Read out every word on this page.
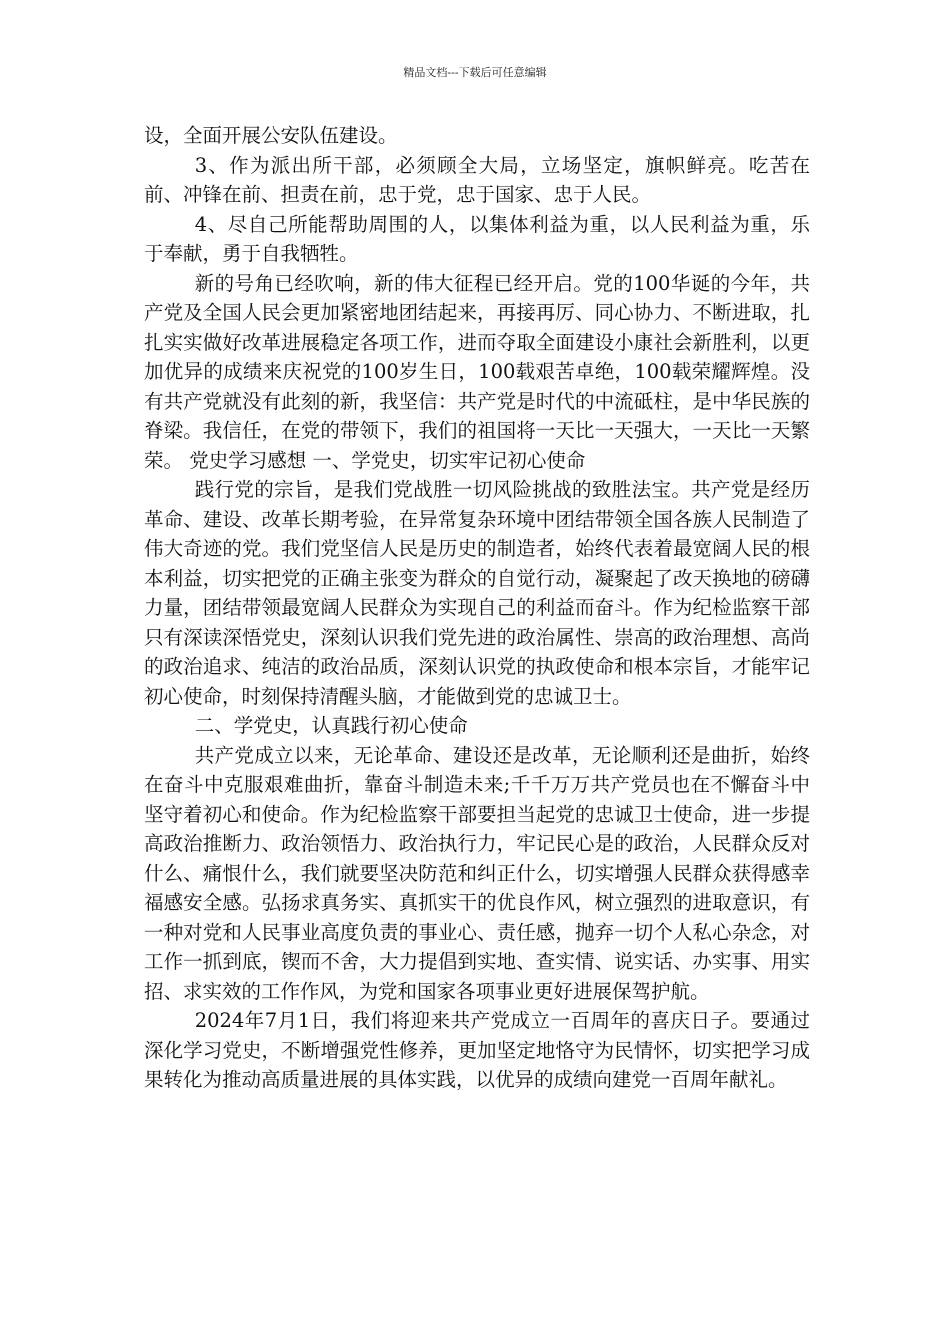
精品文档---下载后可任意编辑

设，全面开展公安队伍建设。

3、作为派出所干部，必须顾全大局，立场坚定，旗帜鲜亮。吃苦在前、冲锋在前、担责在前，忠于党，忠于国家、忠于人民。

4、尽自己所能帮助周围的人，以集体利益为重，以人民利益为重，乐于奉献，勇于自我牺牲。

新的号角已经吹响，新的伟大征程已经开启。党的100华诞的今年，共产党及全国人民会更加紧密地团结起来，再接再厉、同心协力、不断进取，扎扎实实做好改革进展稳定各项工作，进而夺取全面建设小康社会新胜利，以更加优异的成绩来庆祝党的100岁生日，100载艰苦卓绝，100载荣耀辉煌。没有共产党就没有此刻的新，我坚信：共产党是时代的中流砥柱，是中华民族的脊梁。我信任，在党的带领下，我们的祖国将一天比一天强大，一天比一天繁荣。 党史学习感想 一、学党史，切实牢记初心使命

践行党的宗旨，是我们党战胜一切风险挑战的致胜法宝。共产党是经历革命、建设、改革长期考验，在异常复杂环境中团结带领全国各族人民制造了伟大奇迹的党。我们党坚信人民是历史的制造者，始终代表着最宽阔人民的根本利益，切实把党的正确主张变为群众的自觉行动，凝聚起了改天换地的磅礴力量，团结带领最宽阔人民群众为实现自己的利益而奋斗。作为纪检监察干部只有深读深悟党史，深刻认识我们党先进的政治属性、崇高的政治理想、高尚的政治追求、纯洁的政治品质，深刻认识党的执政使命和根本宗旨，才能牢记初心使命，时刻保持清醒头脑，才能做到党的忠诚卫士。

二、学党史，认真践行初心使命

共产党成立以来，无论革命、建设还是改革，无论顺利还是曲折，始终在奋斗中克服艰难曲折，靠奋斗制造未来;千千万万共产党员也在不懈奋斗中坚守着初心和使命。作为纪检监察干部要担当起党的忠诚卫士使命，进一步提高政治推断力、政治领悟力、政治执行力，牢记民心是的政治，人民群众反对什么、痛恨什么，我们就要坚决防范和纠正什么，切实增强人民群众获得感幸福感安全感。弘扬求真务实、真抓实干的优良作风，树立强烈的进取意识，有一种对党和人民事业高度负责的事业心、责任感，抛弃一切个人私心杂念，对工作一抓到底，锲而不舍，大力提倡到实地、查实情、说实话、办实事、用实招、求实效的工作作风，为党和国家各项事业更好进展保驾护航。

2024年7月1日，我们将迎来共产党成立一百周年的喜庆日子。要通过深化学习党史，不断增强党性修养，更加坚定地恪守为民情怀，切实把学习成果转化为推动高质量进展的具体实践，以优异的成绩向建党一百周年献礼。
